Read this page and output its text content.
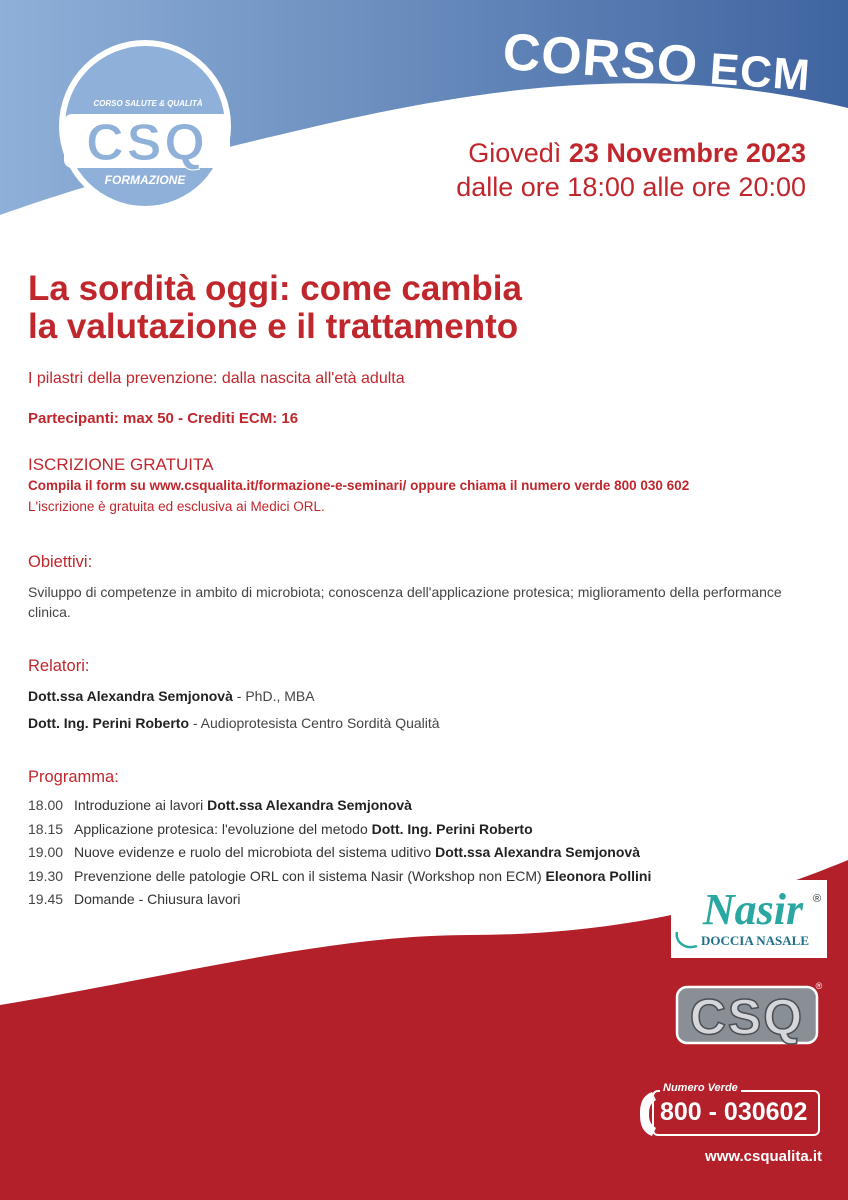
CORSO SALUTE & QUALITÀ
CSQ
FORMAZIONE
CORSO ECM
Giovedì 23 Novembre 2023
dalle ore 18:00 alle ore 20:00
La sordità oggi: come cambia
la valutazione e il trattamento
I pilastri della prevenzione: dalla nascita all'età adulta
Partecipanti: max 50 - Crediti ECM: 16
ISCRIZIONE GRATUITA
Compila il form su www.csqualita.it/formazione-e-seminari/ oppure chiama il numero verde 800 030 602
L'iscrizione è gratuita ed esclusiva ai Medici ORL.
Obiettivi:
Sviluppo di competenze in ambito di microbiota; conoscenza dell'applicazione protesica; miglioramento della performance clinica.
Relatori:
Dott.ssa Alexandra Semjonovà - PhD., MBA
Dott. Ing. Perini Roberto - Audioprotesista Centro Sordità Qualità
Programma:
18.00 Introduzione ai lavori Dott.ssa Alexandra Semjonovà
18.15 Applicazione protesica: l'evoluzione del metodo Dott. Ing. Perini Roberto
19.00 Nuove evidenze e ruolo del microbiota del sistema uditivo Dott.ssa Alexandra Semjonovà
19.30 Prevenzione delle patologie ORL con il sistema Nasir (Workshop non ECM) Eleonora Pollini
19.45 Domande - Chiusura lavori	Nasir ®
DOCCIA NASALE
CSQ
®
Numero Verde
800 - 030602
www.csqualita.it
